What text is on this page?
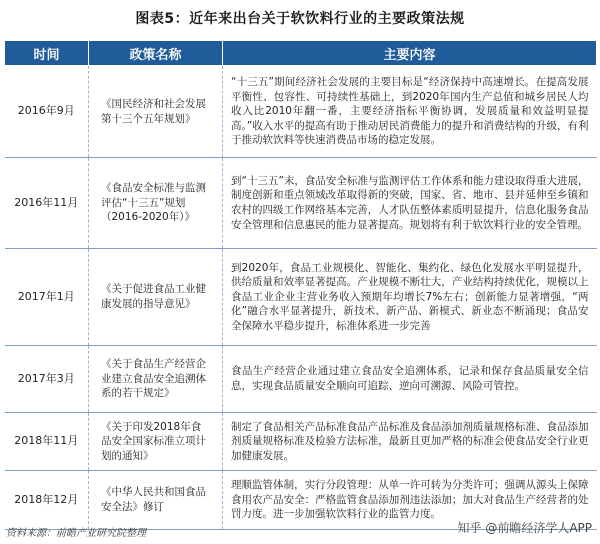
图表5：近年来出台关于软饮料行业的主要政策法规
时间	政策名称	主要内容
2016年9月	《国民经济和社会发展第十三个五年规划》	“十三五”期间经济社会发展的主要目标是“经济保持中高速增长。在提高发展平衡性、包容性、可持续性基础上，到2020年国内生产总值和城乡居民人均收入比2010年翻一番，主要经济指标平衡协调，发展质量和效益明显提高。”收入水平的提高有助于推动居民消费能力的提升和消费结构的升级，有利于推动软饮料等快速消费品市场的稳定发展。
2016年11月	《食品安全标准与监测评估“十三五”规划（2016-2020年）》	到“十三五”末，食品安全标准与监测评估工作体系和能力建设取得重大进展，制度创新和重点领域改革取得新的突破，国家、省、地市、县并延伸至乡镇和农村的四级工作网络基本完善，人才队伍整体素质明显提升，信息化服务食品安全管理和信息惠民的能力显著提高。规划将有利于软饮料行业的安全管理。
2017年1月	《关于促进食品工业健康发展的指导意见》	到2020年，食品工业规模化、智能化、集约化、绿色化发展水平明显提升，供给质量和效率显著提高。产业规模不断壮大，产业结构持续优化，规模以上食品工业企业主营业务收入预期年均增长7%左右；创新能力显著增强，“两化”融合水平显著提升，新技术、新产品、新模式、新业态不断涌现；食品安全保障水平稳步提升，标准体系进一步完善
2017年3月	《关于食品生产经营企业建立食品安全追溯体系的若干规定》	食品生产经营企业通过建立食品安全追溯体系，记录和保存食品质量安全信息，实现食品质量安全顺向可追踪、逆向可溯源、风险可管控。
2018年11月	《关于印发2018年食品安全国家标准立项计划的通知》	制定了食品相关产品标准食品产品标准及食品添加剂质量规格标准、食品添加剂质量规格标准及检验方法标准，最新且更加严格的标准会使食品安全行业更加健康发展。
2018年12月	《中华人民共和国食品安全法》修订	理顺监管体制，实行分段管理：从单一许可转为分类许可；强调从源头上保障食用农产品安全：严格监管食品添加剂违法添加；加大对食品生产经营者的处罚力度。进一步加强软饮料行业的监管力度。
资料来源：前瞻产业研究院整理	知乎 @前瞻经济学人APP
